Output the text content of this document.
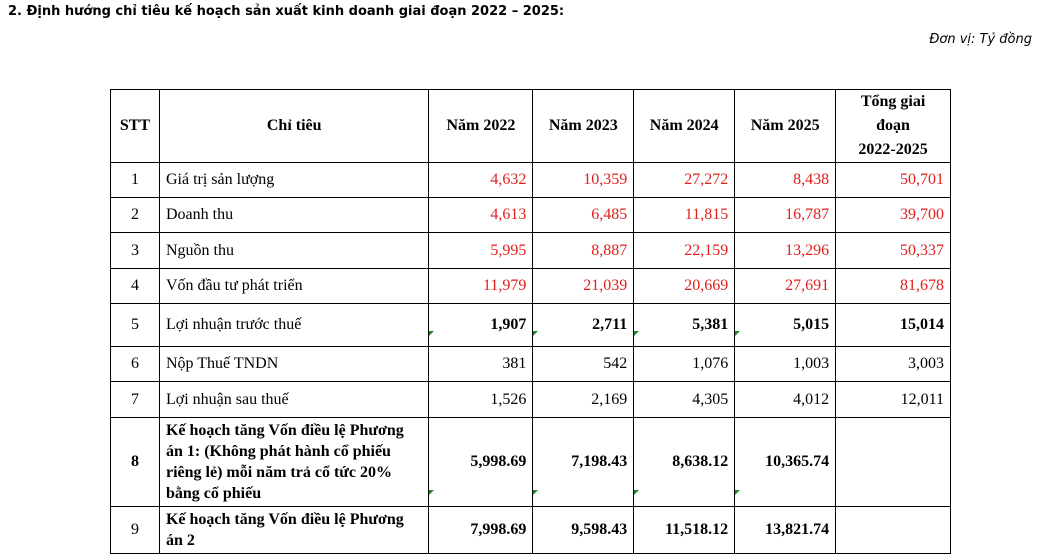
2. Định hướng chỉ tiêu kế hoạch sản xuất kinh doanh giai đoạn 2022 – 2025:
Đơn vị: Tỷ đồng
STT	Chỉ tiêu	Năm 2022	Năm 2023	Năm 2024	Năm 2025	Tổng giai đoạn
2022-2025

1	Giá trị sản lượng	4,632	10,359	27,272	8,438	50,701
2	Doanh thu	4,613	6,485	11,815	16,787	39,700
3	Nguồn thu	5,995	8,887	22,159	13,296	50,337
4	Vốn đầu tư phát triển	11,979	21,039	20,669	27,691	81,678
5	Lợi nhuận trước thuế	1,907	2,711	5,381	5,015	15,014
6	Nộp Thuế TNDN	381	542	1,076	1,003	3,003
7	Lợi nhuận sau thuế	1,526	2,169	4,305	4,012	12,011
8	Kế hoạch tăng Vốn điều lệ Phương
án 1: (Không phát hành cổ phiếu
riêng lẻ) mỗi năm trả cổ tức 20%
bằng cổ phiếu	5,998.69	7,198.43	8,638.12	10,365.74	
9	Kế hoạch tăng Vốn điều lệ Phương
án 2	7,998.69	9,598.43	11,518.12	13,821.74	
